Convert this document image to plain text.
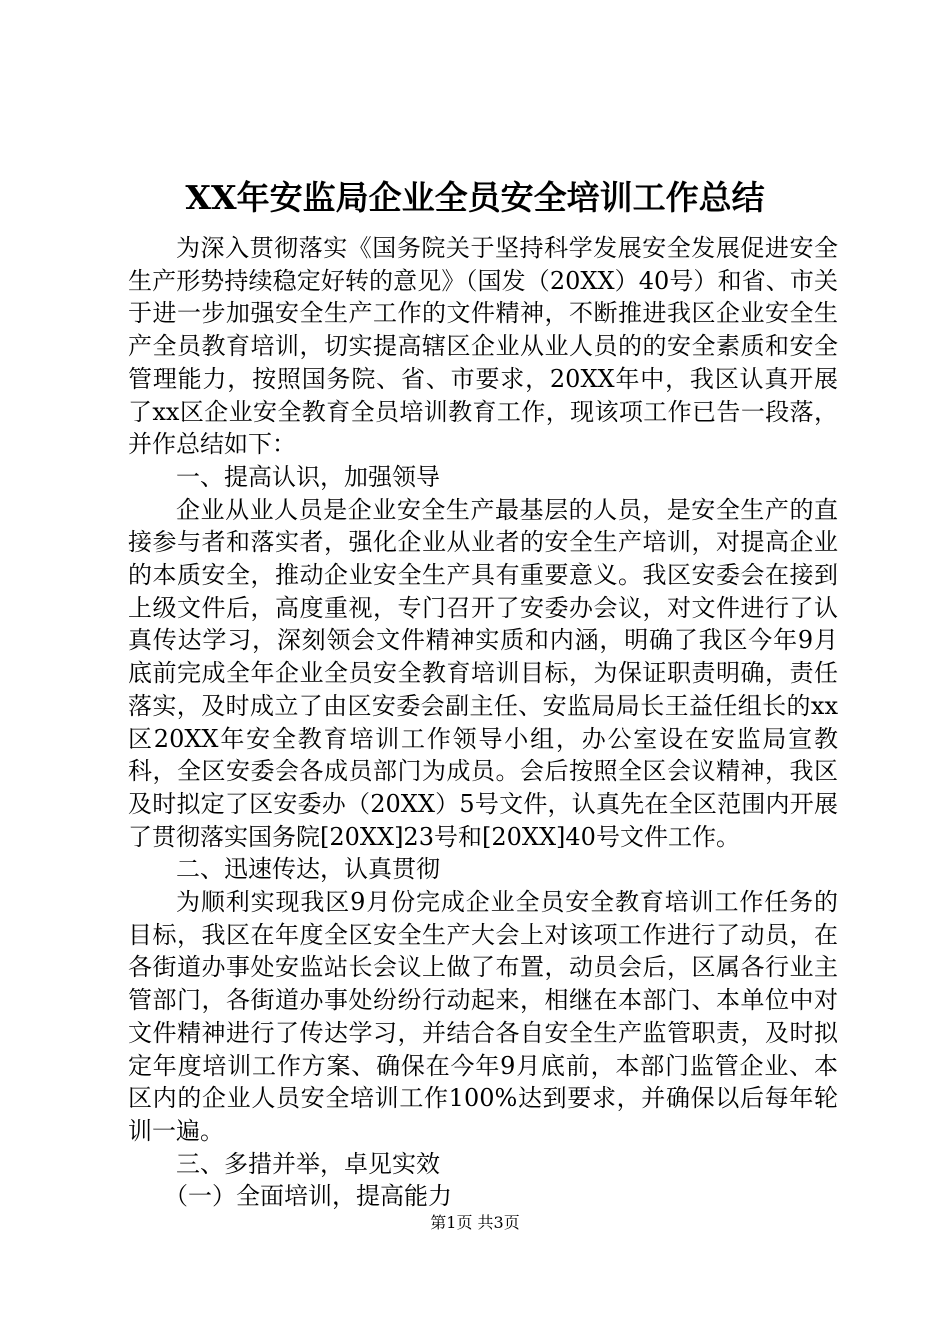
XX年安监局企业全员安全培训工作总结

为深入贯彻落实《国务院关于坚持科学发展安全发展促进安全生产形势持续稳定好转的意见》（国发（20XX）40号）和省、市关于进一步加强安全生产工作的文件精神，不断推进我区企业安全生产全员教育培训，切实提高辖区企业从业人员的的安全素质和安全管理能力，按照国务院、省、市要求，20XX年中，我区认真开展了xx区企业安全教育全员培训教育工作，现该项工作已告一段落，并作总结如下：

一、提高认识，加强领导

企业从业人员是企业安全生产最基层的人员，是安全生产的直接参与者和落实者，强化企业从业者的安全生产培训，对提高企业的本质安全，推动企业安全生产具有重要意义。我区安委会在接到上级文件后，高度重视，专门召开了安委办会议，对文件进行了认真传达学习，深刻领会文件精神实质和内涵，明确了我区今年9月底前完成全年企业全员安全教育培训目标，为保证职责明确，责任落实，及时成立了由区安委会副主任、安监局局长王益任组长的xx区20XX年安全教育培训工作领导小组，办公室设在安监局宣教科，全区安委会各成员部门为成员。会后按照全区会议精神，我区及时拟定了区安委办（20XX）5号文件，认真先在全区范围内开展了贯彻落实国务院[20XX]23号和[20XX]40号文件工作。

二、迅速传达，认真贯彻

为顺利实现我区9月份完成企业全员安全教育培训工作任务的目标，我区在年度全区安全生产大会上对该项工作进行了动员，在各街道办事处安监站长会议上做了布置，动员会后，区属各行业主管部门，各街道办事处纷纷行动起来，相继在本部门、本单位中对文件精神进行了传达学习，并结合各自安全生产监管职责，及时拟定年度培训工作方案、确保在今年9月底前，本部门监管企业、本区内的企业人员安全培训工作100%达到要求，并确保以后每年轮训一遍。

三、多措并举，卓见实效

（一）全面培训，提高能力

第1页 共3页
